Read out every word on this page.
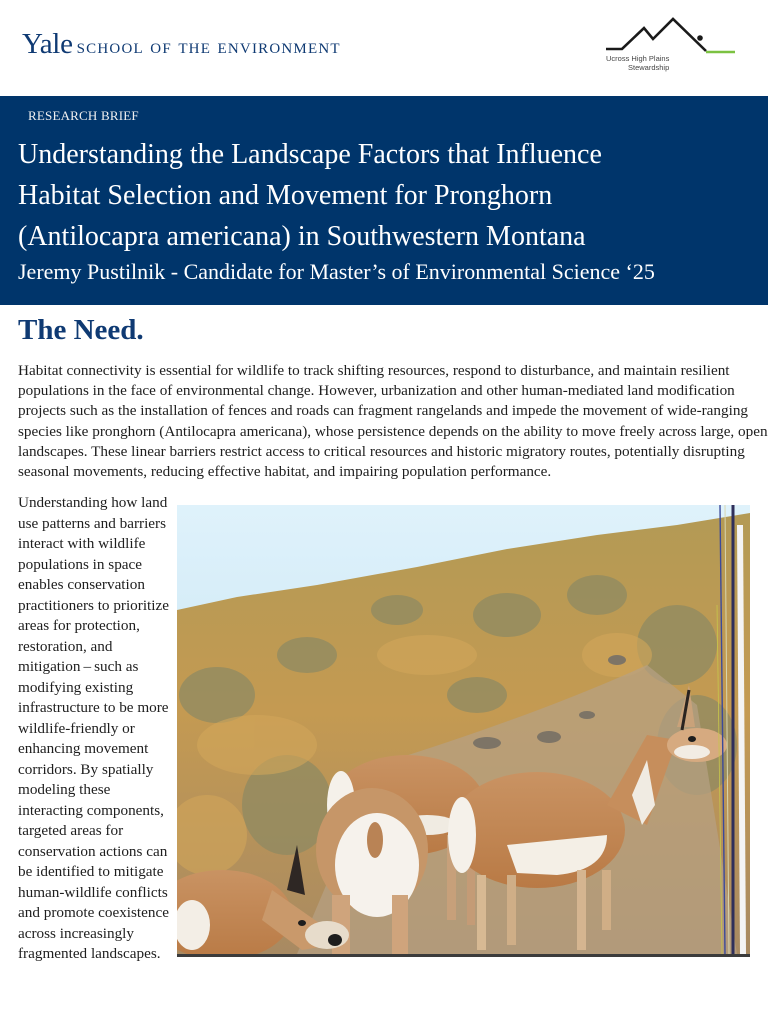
Yale school of the environment
Ucross High Plains
Stewardship
RESEARCH BRIEF
Understanding the Landscape Factors that Influence
Habitat Selection and Movement for Pronghorn
(Antilocapra americana) in Southwestern Montana
Jeremy Pustilnik - Candidate for Master’s of Environmental Science ‘25
The Need.

Habitat connectivity is essential for wildlife to track shifting resources, respond to disturbance, and maintain resilient
populations in the face of environmental change. However, urbanization and other human-mediated land modification
projects such as the installation of fences and roads can fragment rangelands and impede the movement of wide-ranging
species like pronghorn (Antilocapra americana), whose persistence depends on the ability to move freely across large, open
landscapes. These linear barriers restrict access to critical resources and historic migratory routes, potentially disrupting
seasonal movements, reducing effective habitat, and impairing population performance.

Understanding how land
use patterns and barriers
interact with wildlife
populations in space
enables conservation
practitioners to prioritize
areas for protection,
restoration, and
mitigation – such as
modifying existing
infrastructure to be more
wildlife-friendly or
enhancing movement
corridors. By spatially
modeling these
interacting components,
targeted areas for
conservation actions can
be identified to mitigate
human-wildlife conflicts
and promote coexistence
across increasingly
fragmented landscapes.
